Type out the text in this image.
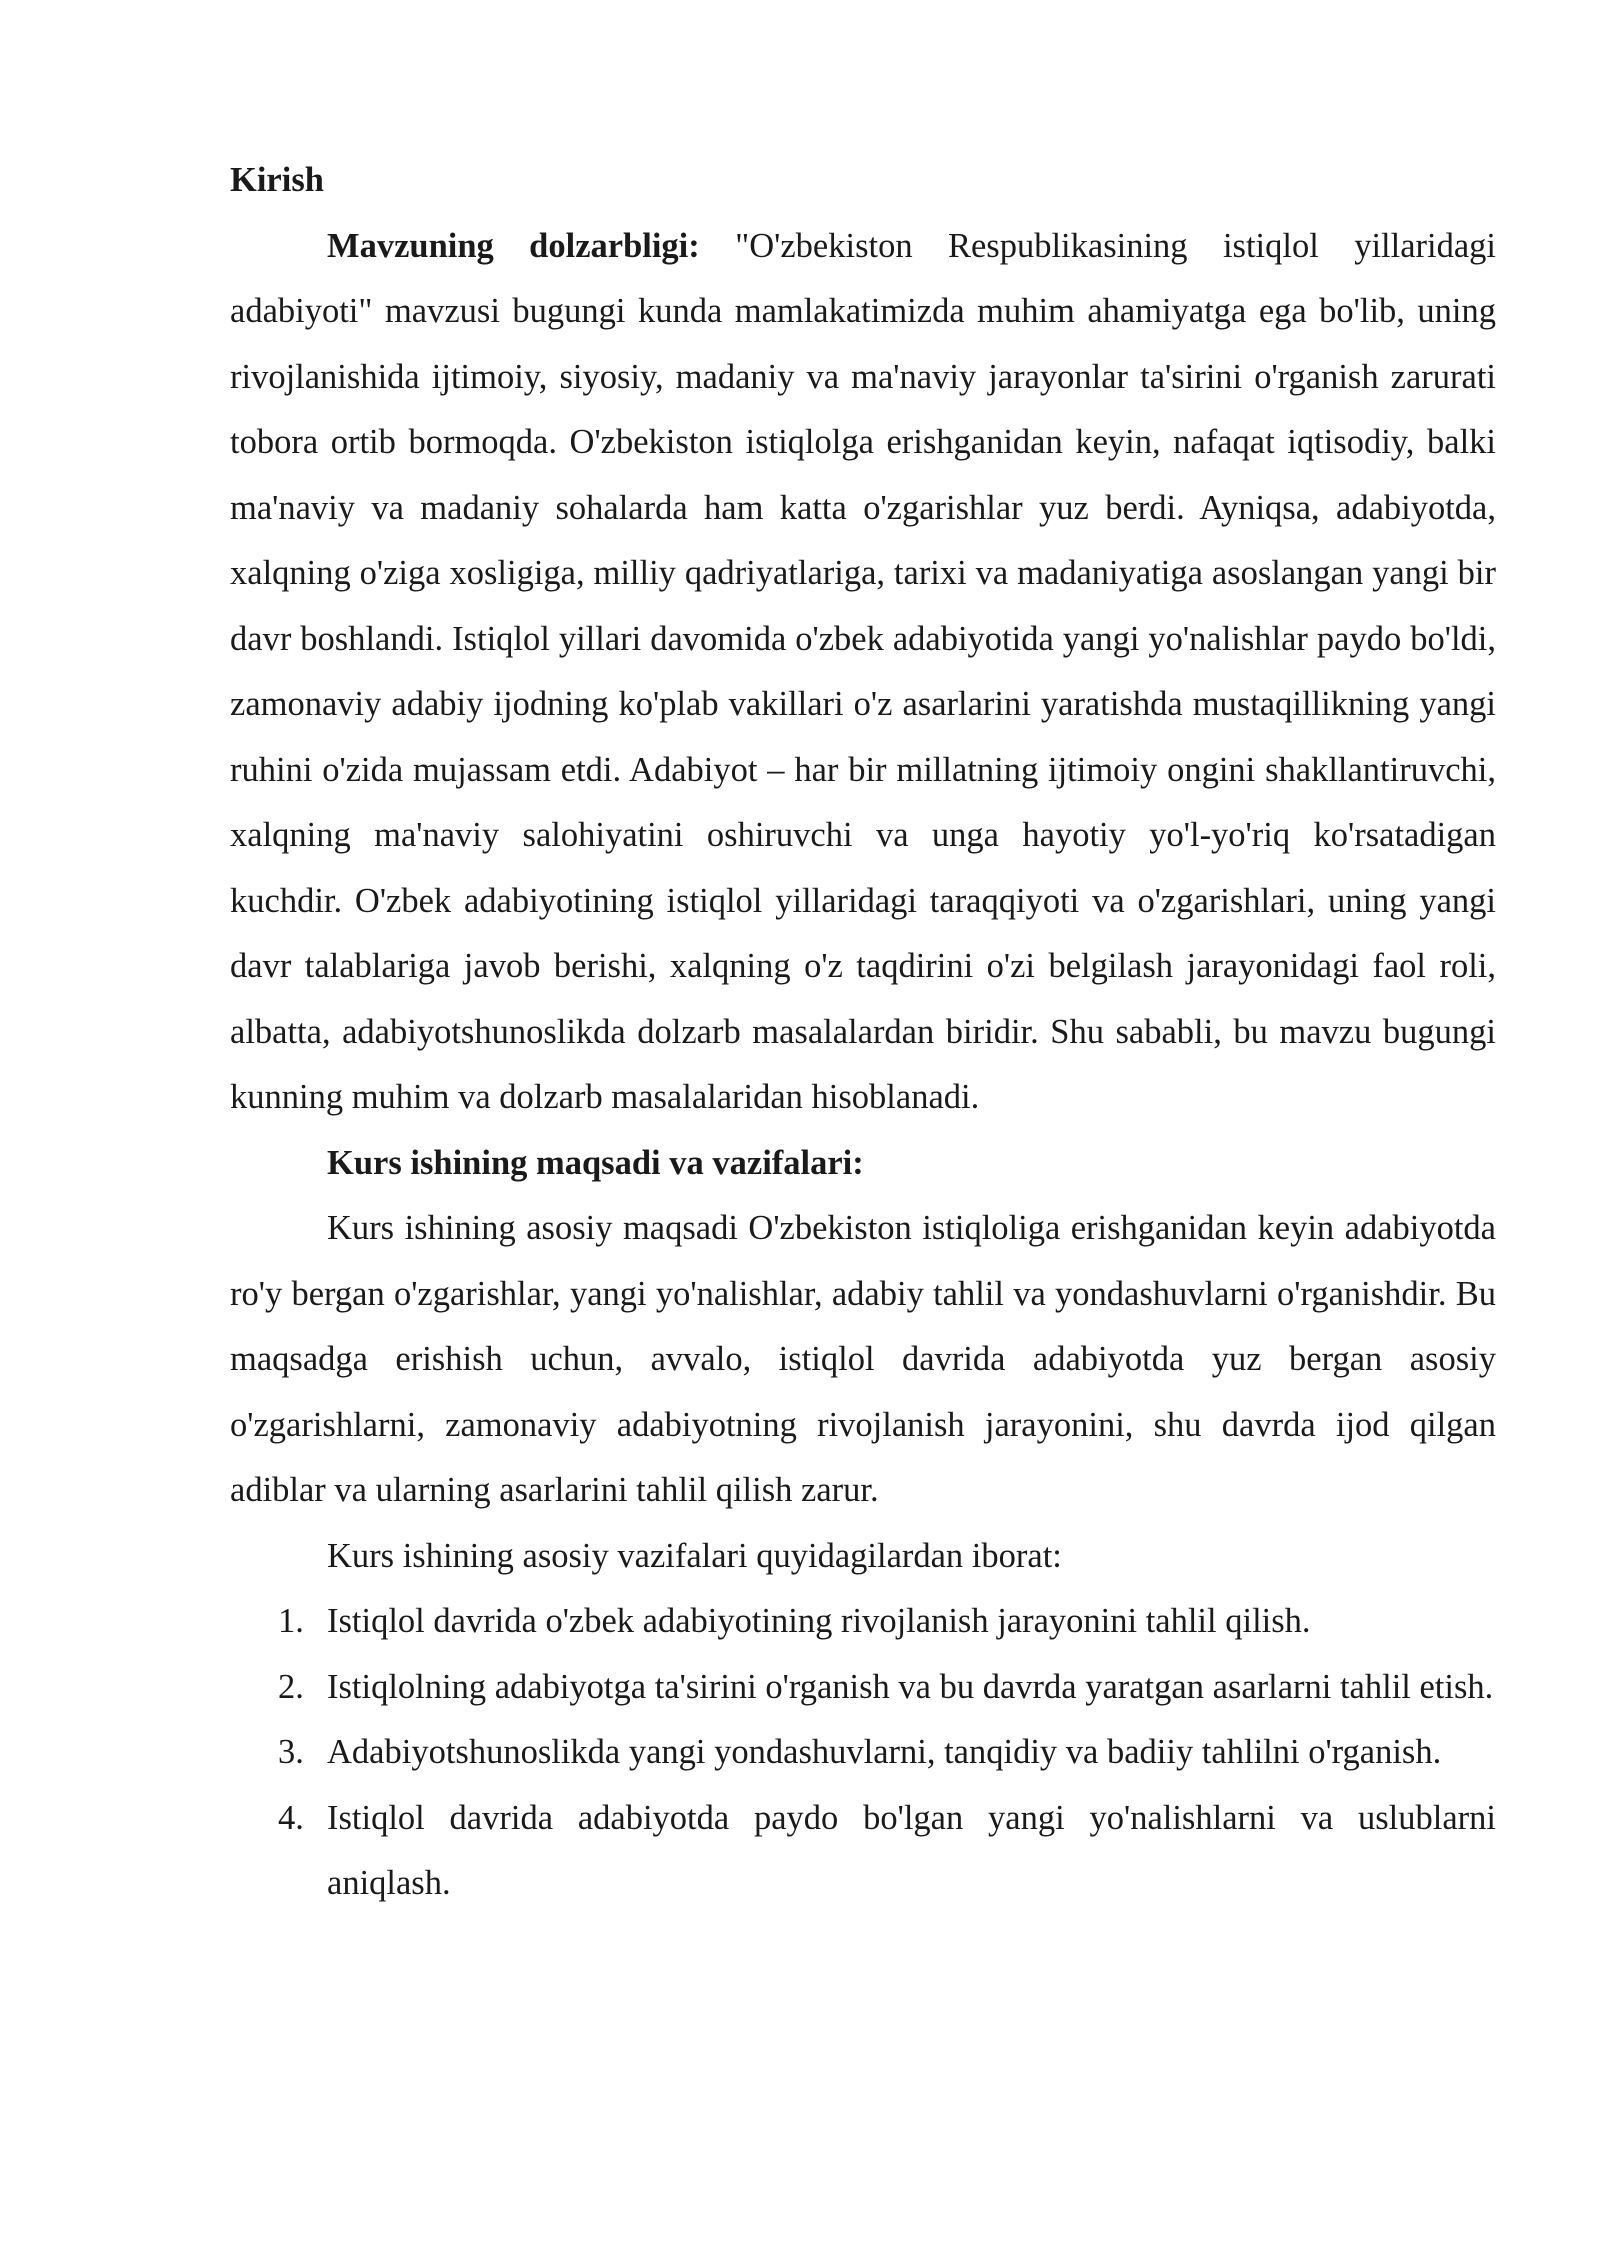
Kirish

Mavzuning dolzarbligi: "O'zbekiston Respublikasining istiqlol yillaridagi adabiyoti" mavzusi bugungi kunda mamlakatimizda muhim ahamiyatga ega bo'lib, uning rivojlanishida ijtimoiy, siyosiy, madaniy va ma'naviy jarayonlar ta'sirini o'rganish zarurati tobora ortib bormoqda. O'zbekiston istiqlolga erishganidan keyin, nafaqat iqtisodiy, balki ma'naviy va madaniy sohalarda ham katta o'zgarishlar yuz berdi. Ayniqsa, adabiyotda, xalqning o'ziga xosligiga, milliy qadriyatlariga, tarixi va madaniyatiga asoslangan yangi bir davr boshlandi. Istiqlol yillari davomida o'zbek adabiyotida yangi yo'nalishlar paydo bo'ldi, zamonaviy adabiy ijodning ko'plab vakillari o'z asarlarini yaratishda mustaqillikning yangi ruhini o'zida mujassam etdi. Adabiyot – har bir millatning ijtimoiy ongini shakllantiruvchi, xalqning ma'naviy salohiyatini oshiruvchi va unga hayotiy yo'l-yo'riq ko'rsatadigan kuchdir. O'zbek adabiyotining istiqlol yillaridagi taraqqiyoti va o'zgarishlari, uning yangi davr talablariga javob berishi, xalqning o'z taqdirini o'zi belgilash jarayonidagi faol roli, albatta, adabiyotshunoslikda dolzarb masalalardan biridir. Shu sababli, bu mavzu bugungi kunning muhim va dolzarb masalalaridan hisoblanadi.

Kurs ishining maqsadi va vazifalari:

Kurs ishining asosiy maqsadi O'zbekiston istiqloliga erishganidan keyin adabiyotda ro'y bergan o'zgarishlar, yangi yo'nalishlar, adabiy tahlil va yondashuvlarni o'rganishdir. Bu maqsadga erishish uchun, avvalo, istiqlol davrida adabiyotda yuz bergan asosiy o'zgarishlarni, zamonaviy adabiyotning rivojlanish jarayonini, shu davrda ijod qilgan adiblar va ularning asarlarini tahlil qilish zarur.

Kurs ishining asosiy vazifalari quyidagilardan iborat:

1. Istiqlol davrida o'zbek adabiyotining rivojlanish jarayonini tahlil qilish.
2. Istiqlolning adabiyotga ta'sirini o'rganish va bu davrda yaratgan asarlarni tahlil etish.
3. Adabiyotshunoslikda yangi yondashuvlarni, tanqidiy va badiiy tahlilni o'rganish.
4. Istiqlol davrida adabiyotda paydo bo'lgan yangi yo'nalishlarni va uslublarni aniqlash.
